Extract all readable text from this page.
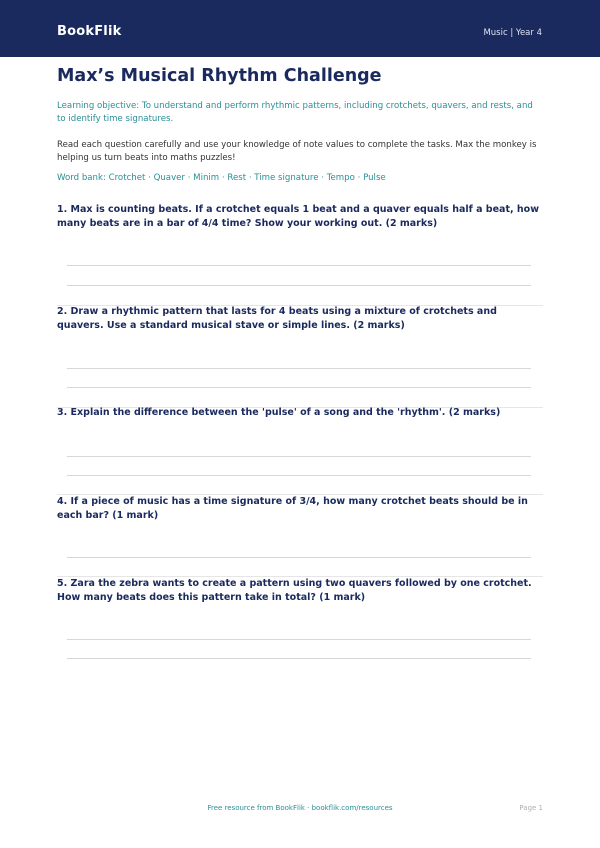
BookFlik	Music | Year 4
Max’s Musical Rhythm Challenge
Learning objective: To understand and perform rhythmic patterns, including crotchets, quavers, and rests, and to identify time signatures.
Read each question carefully and use your knowledge of note values to complete the tasks. Max the monkey is helping us turn beats into maths puzzles!
Word bank: Crotchet · Quaver · Minim · Rest · Time signature · Tempo · Pulse
1. Max is counting beats. If a crotchet equals 1 beat and a quaver equals half a beat, how many beats are in a bar of 4/4 time? Show your working out. (2 marks)
2. Draw a rhythmic pattern that lasts for 4 beats using a mixture of crotchets and quavers. Use a standard musical stave or simple lines. (2 marks)
3. Explain the difference between the 'pulse' of a song and the 'rhythm'. (2 marks)
4. If a piece of music has a time signature of 3/4, how many crotchet beats should be in each bar? (1 mark)
5. Zara the zebra wants to create a pattern using two quavers followed by one crotchet. How many beats does this pattern take in total? (1 mark)
Free resource from BookFlik · bookflik.com/resources	Page 1
